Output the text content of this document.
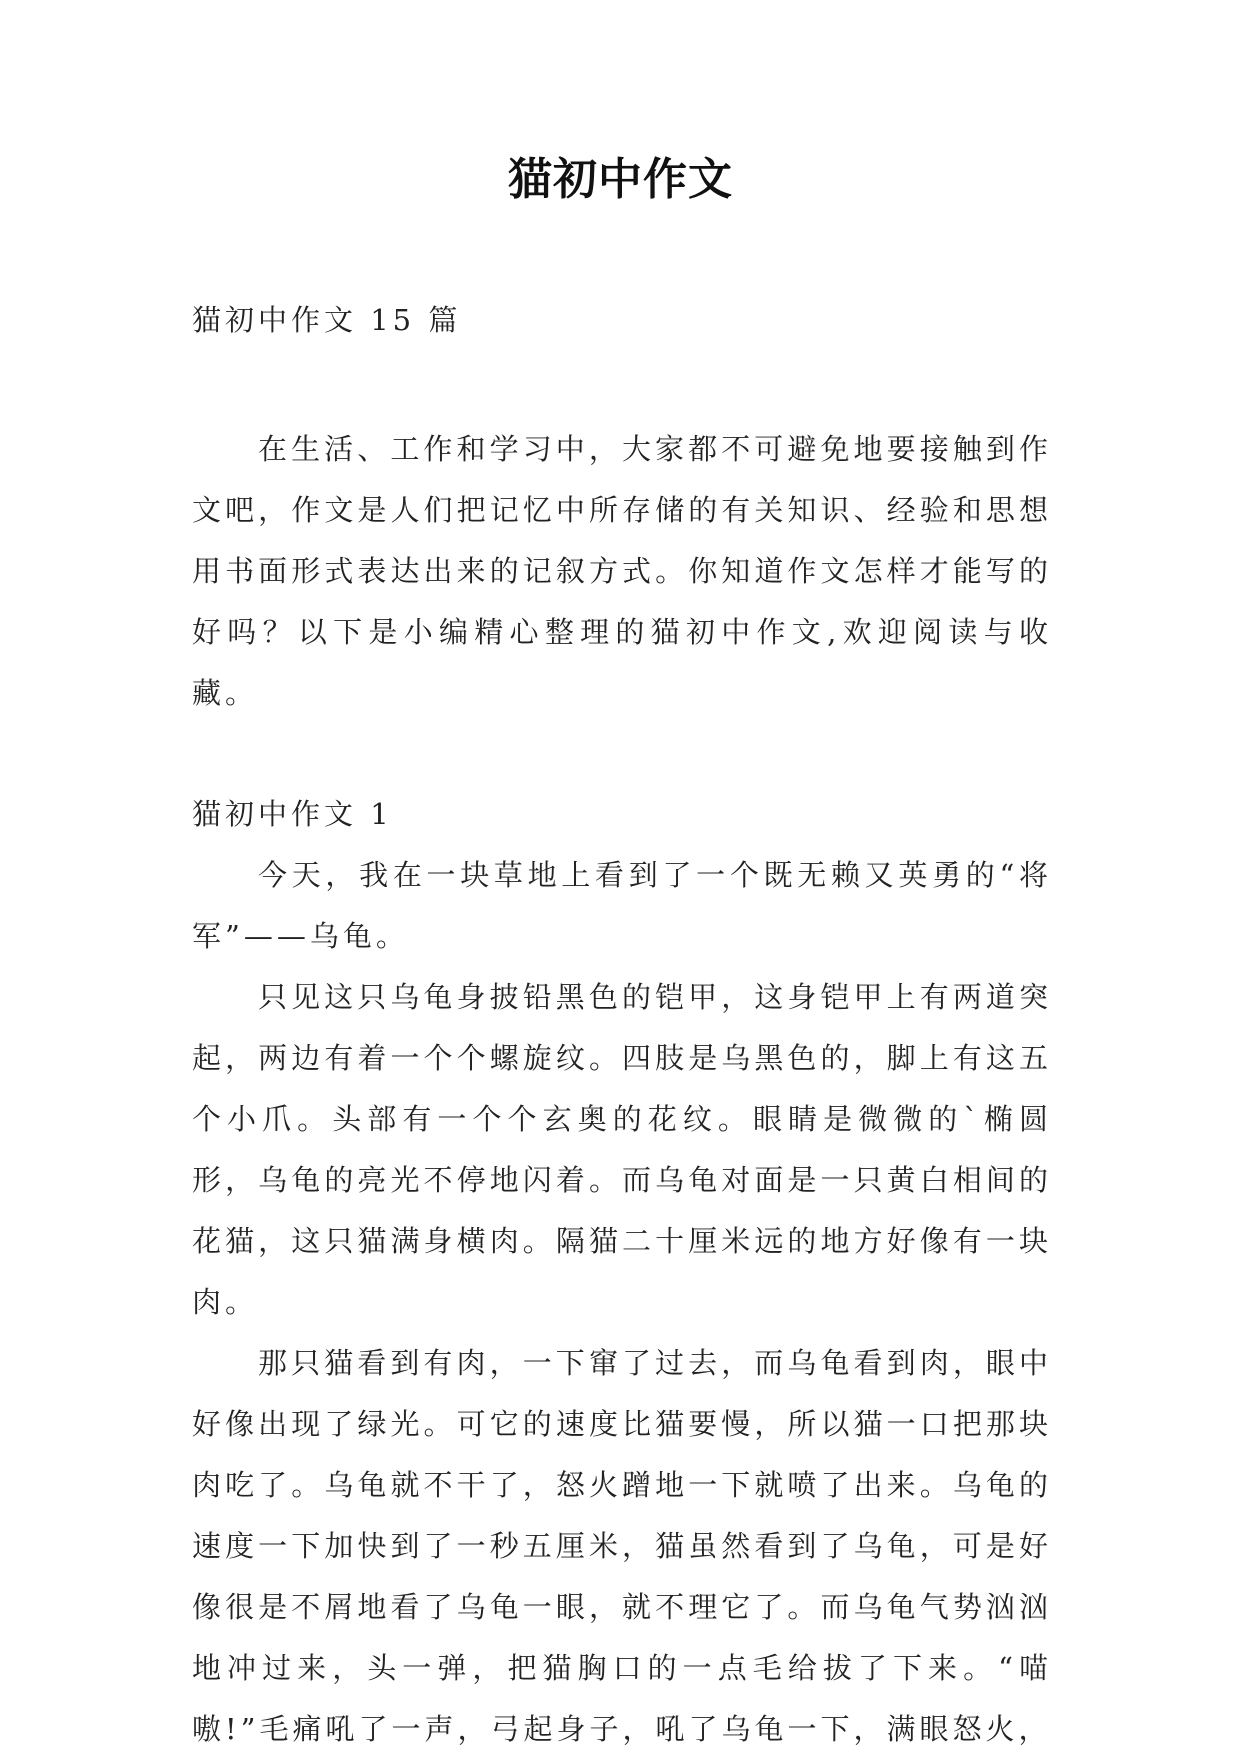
猫初中作文

猫初中作文 15 篇

在生活、工作和学习中，大家都不可避免地要接触到作文吧，作文是人们把记忆中所存储的有关知识、经验和思想用书面形式表达出来的记叙方式。你知道作文怎样才能写的好吗？以下是小编精心整理的猫初中作文,欢迎阅读与收藏。

猫初中作文 1

今天，我在一块草地上看到了一个既无赖又英勇的“将军”——乌龟。

只见这只乌龟身披铅黑色的铠甲，这身铠甲上有两道突起，两边有着一个个螺旋纹。四肢是乌黑色的，脚上有这五个小爪。头部有一个个玄奥的花纹。眼睛是微微的`椭圆形，乌龟的亮光不停地闪着。而乌龟对面是一只黄白相间的花猫，这只猫满身横肉。隔猫二十厘米远的地方好像有一块肉。

那只猫看到有肉，一下窜了过去，而乌龟看到肉，眼中好像出现了绿光。可它的速度比猫要慢，所以猫一口把那块肉吃了。乌龟就不干了，怒火蹭地一下就喷了出来。乌龟的速度一下加快到了一秒五厘米，猫虽然看到了乌龟，可是好像很是不屑地看了乌龟一眼，就不理它了。而乌龟气势汹汹地冲过来，头一弹，把猫胸口的一点毛给拔了下来。“喵嗷!”毛痛吼了一声，弓起身子，吼了乌龟一下，满眼怒火，
